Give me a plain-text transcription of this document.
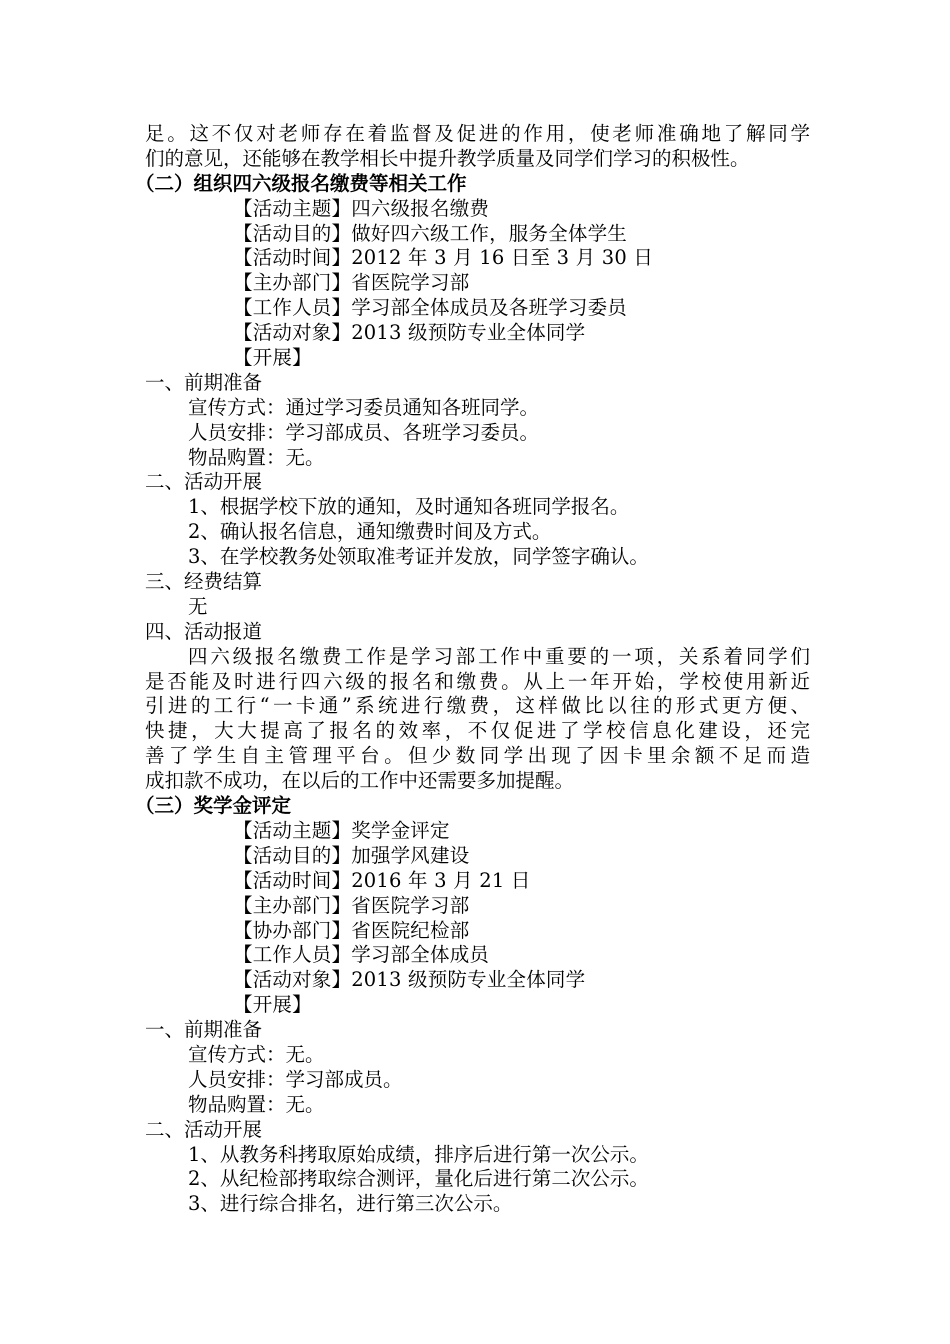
足。这不仅对老师存在着监督及促进的作用，使老师准确地了解同学
们的意见，还能够在教学相长中提升教学质量及同学们学习的积极性。
（二）组织四六级报名缴费等相关工作
【活动主题】四六级报名缴费
【活动目的】做好四六级工作，服务全体学生
【活动时间】2012 年 3 月 16 日至 3 月 30 日
【主办部门】省医院学习部
【工作人员】学习部全体成员及各班学习委员
【活动对象】2013 级预防专业全体同学
【开展】
一、前期准备
宣传方式：通过学习委员通知各班同学。
人员安排：学习部成员、各班学习委员。
物品购置：无。
二、活动开展
1、根据学校下放的通知，及时通知各班同学报名。
2、确认报名信息，通知缴费时间及方式。
3、在学校教务处领取准考证并发放，同学签字确认。
三、经费结算
无
四、活动报道
四六级报名缴费工作是学习部工作中重要的一项，关系着同学们
是否能及时进行四六级的报名和缴费。从上一年开始，学校使用新近
引进的工行“一卡通”系统进行缴费，这样做比以往的形式更方便、
快捷，大大提高了报名的效率，不仅促进了学校信息化建设，还完
善了学生自主管理平台。但少数同学出现了因卡里余额不足而造
成扣款不成功，在以后的工作中还需要多加提醒。
（三）奖学金评定
【活动主题】奖学金评定
【活动目的】加强学风建设
【活动时间】2016 年 3 月 21 日
【主办部门】省医院学习部
【协办部门】省医院纪检部
【工作人员】学习部全体成员
【活动对象】2013 级预防专业全体同学
【开展】
一、前期准备
宣传方式：无。
人员安排：学习部成员。
物品购置：无。
二、活动开展
1、从教务科拷取原始成绩，排序后进行第一次公示。
2、从纪检部拷取综合测评，量化后进行第二次公示。
3、进行综合排名，进行第三次公示。
